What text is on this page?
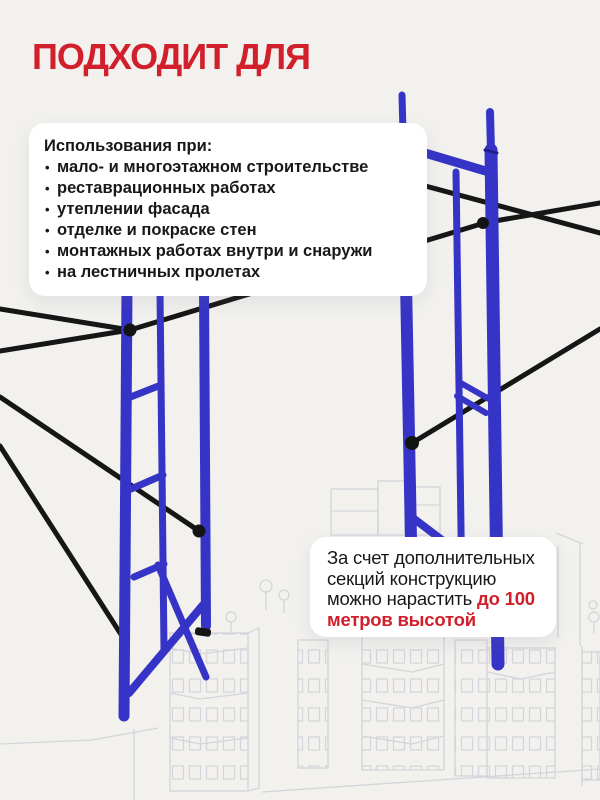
ПОДХОДИТ ДЛЯ

Использования при:

• мало- и многоэтажном строительстве
• реставрационных работах
• утеплении фасада
• отделке и покраске стен
• монтажных работах внутри и снаружи
• на лестничных пролетах

За счет дополнительных секций конструкцию можно нарастить до 100 метров высотой
